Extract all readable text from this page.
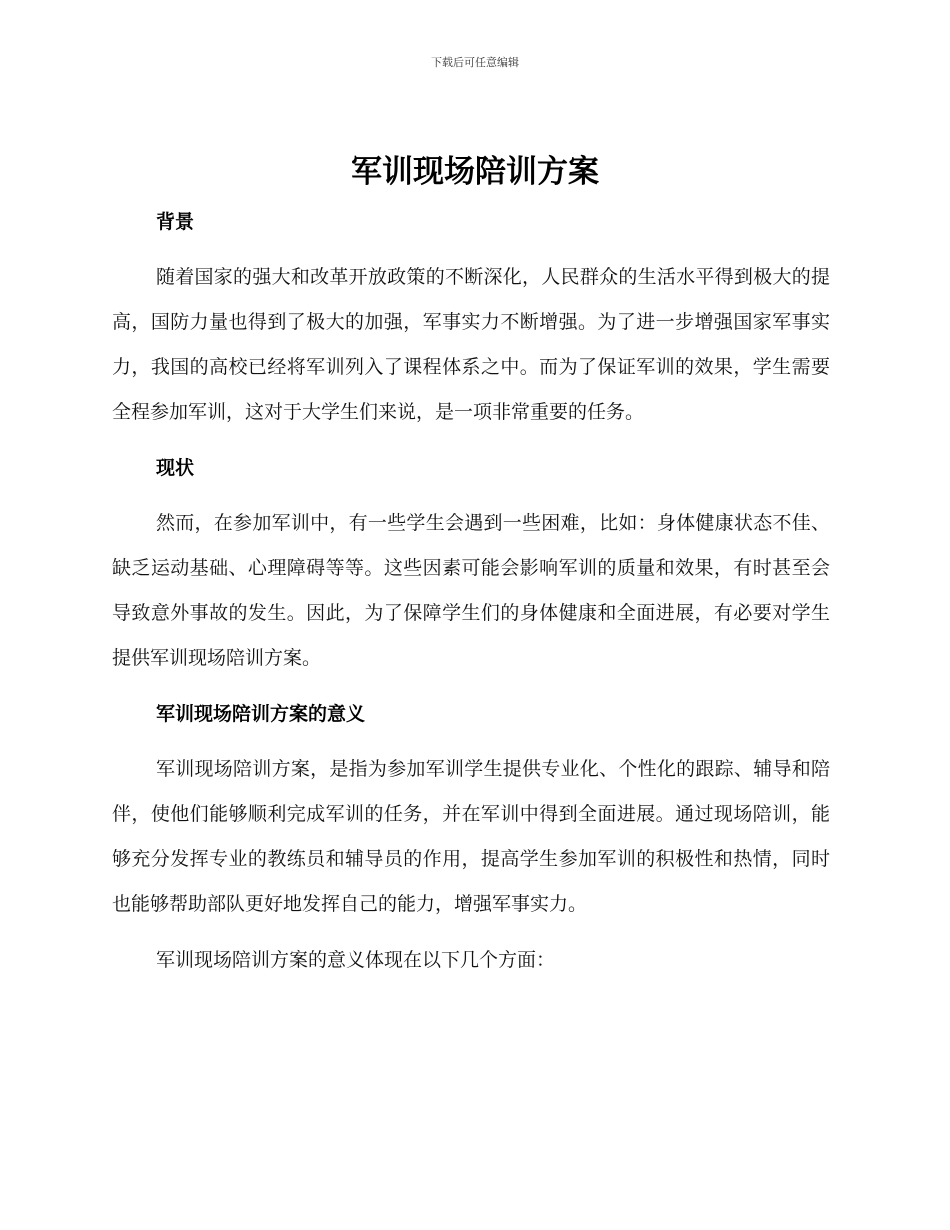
下载后可任意编辑
军训现场陪训方案
背景

随着国家的强大和改革开放政策的不断深化，人民群众的生活水平得到极大的提高，国防力量也得到了极大的加强，军事实力不断增强。为了进一步增强国家军事实力，我国的高校已经将军训列入了课程体系之中。而为了保证军训的效果，学生需要全程参加军训，这对于大学生们来说，是一项非常重要的任务。

现状

然而，在参加军训中，有一些学生会遇到一些困难，比如：身体健康状态不佳、缺乏运动基础、心理障碍等等。这些因素可能会影响军训的质量和效果，有时甚至会导致意外事故的发生。因此，为了保障学生们的身体健康和全面进展，有必要对学生提供军训现场陪训方案。

军训现场陪训方案的意义

军训现场陪训方案，是指为参加军训学生提供专业化、个性化的跟踪、辅导和陪伴，使他们能够顺利完成军训的任务，并在军训中得到全面进展。通过现场陪训，能够充分发挥专业的教练员和辅导员的作用，提高学生参加军训的积极性和热情，同时也能够帮助部队更好地发挥自己的能力，增强军事实力。

军训现场陪训方案的意义体现在以下几个方面：
